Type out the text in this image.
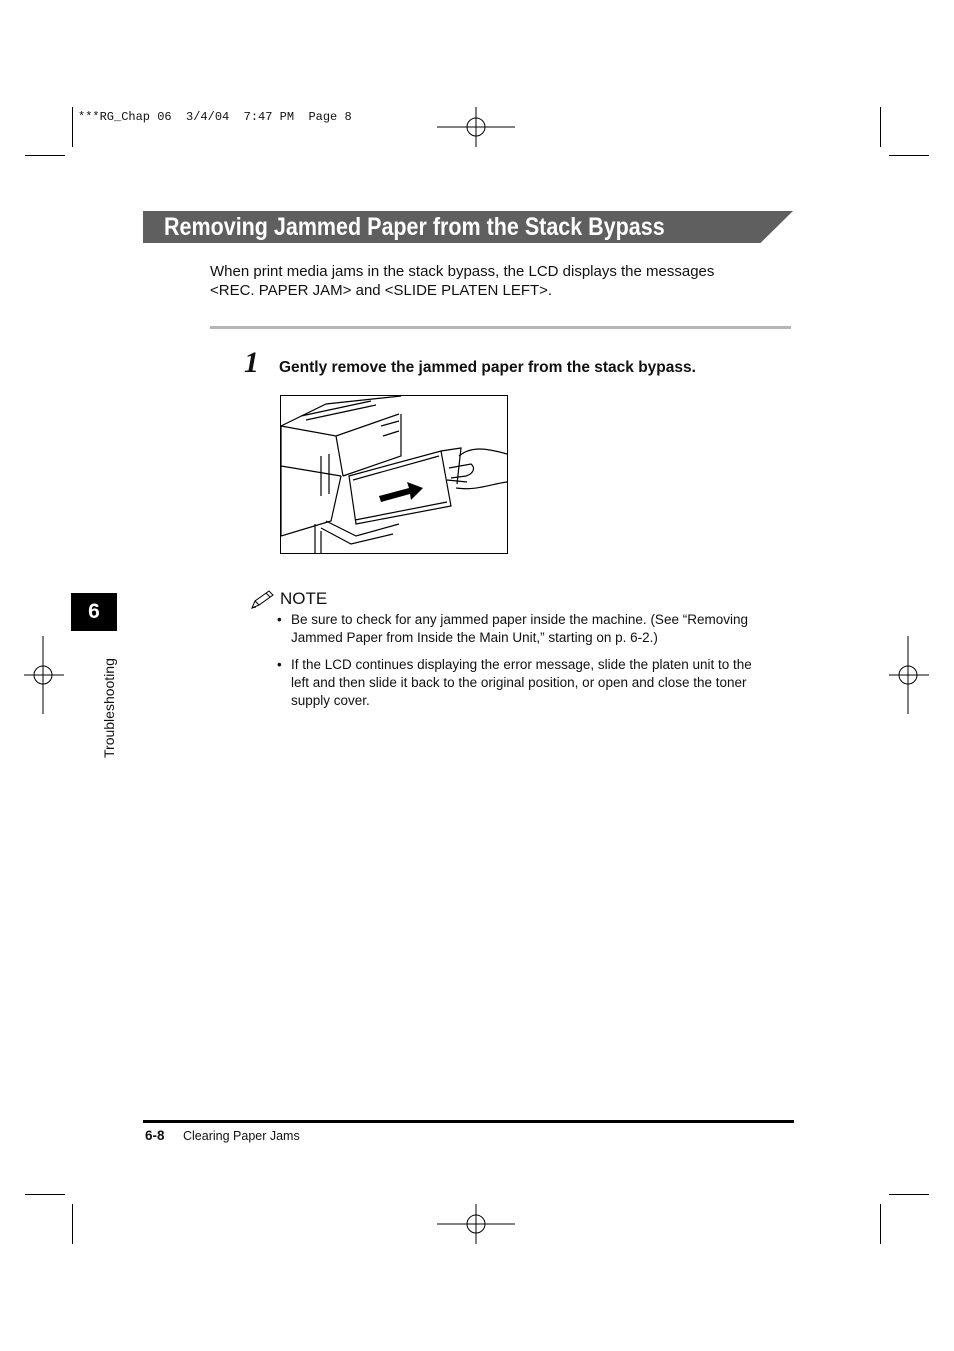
***RG_Chap 06  3/4/04  7:47 PM  Page 8
Removing Jammed Paper from the Stack Bypass
When print media jams in the stack bypass, the LCD displays the messages
<REC. PAPER JAM> and <SLIDE PLATEN LEFT>.
1 Gently remove the jammed paper from the stack bypass.
NOTE
• Be sure to check for any jammed paper inside the machine. (See “Removing
Jammed Paper from Inside the Main Unit,” starting on p. 6-2.)
• If the LCD continues displaying the error message, slide the platen unit to the
left and then slide it back to the original position, or open and close the toner
supply cover.
6
Troubleshooting
6-8 Clearing Paper Jams
